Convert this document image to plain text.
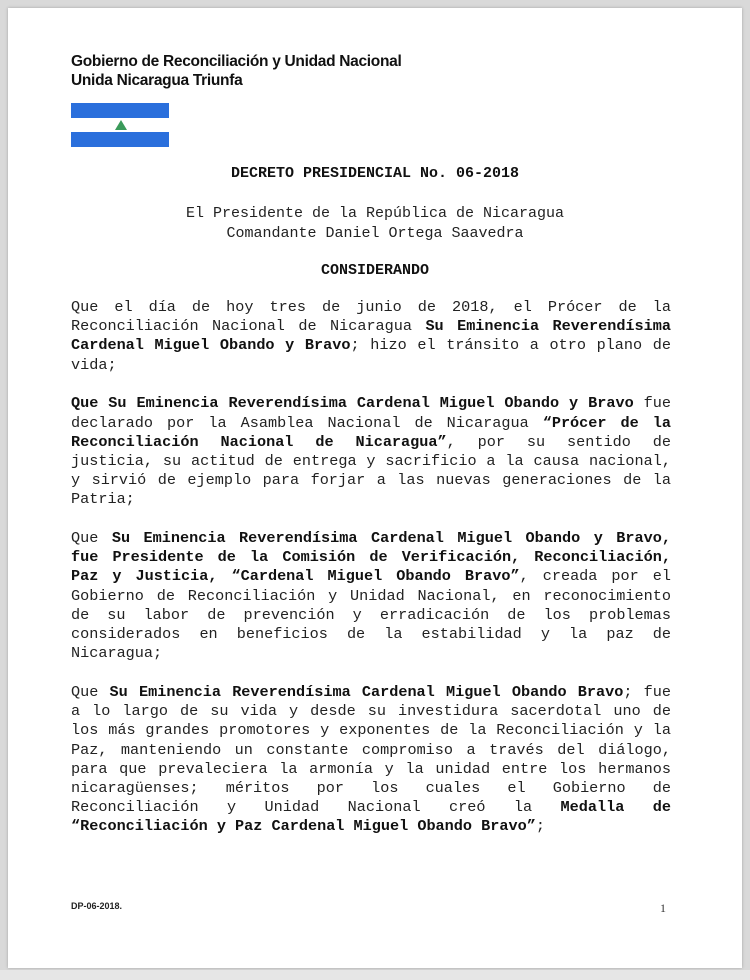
Gobierno de Reconciliación y Unidad Nacional
Unida Nicaragua Triunfa
DECRETO PRESIDENCIAL No. 06-2018
El Presidente de la República de Nicaragua
Comandante Daniel Ortega Saavedra
CONSIDERANDO

Que el día de hoy tres de junio de 2018, el Prócer de la Reconciliación Nacional de Nicaragua Su Eminencia Reverendísima Cardenal Miguel Obando y Bravo; hizo el tránsito a otro plano de vida;

Que Su Eminencia Reverendísima Cardenal Miguel Obando y Bravo fue declarado por la Asamblea Nacional de Nicaragua “Prócer de la Reconciliación Nacional de Nicaragua”, por su sentido de justicia, su actitud de entrega y sacrificio a la causa nacional, y sirvió de ejemplo para forjar a las nuevas generaciones de la Patria;

Que Su Eminencia Reverendísima Cardenal Miguel Obando y Bravo, fue Presidente de la Comisión de Verificación, Reconciliación, Paz y Justicia, “Cardenal Miguel Obando Bravo”, creada por el Gobierno de Reconciliación y Unidad Nacional, en reconocimiento de su labor de prevención y erradicación de los problemas considerados en beneficios de la estabilidad y la paz de Nicaragua;

Que Su Eminencia Reverendísima Cardenal Miguel Obando Bravo; fue a lo largo de su vida y desde su investidura sacerdotal uno de los más grandes promotores y exponentes de la Reconciliación y la Paz, manteniendo un constante compromiso a través del diálogo, para que prevaleciera la armonía y la unidad entre los hermanos nicaragüenses; méritos por los cuales el Gobierno de Reconciliación y Unidad Nacional creó la Medalla de “Reconciliación y Paz Cardenal Miguel Obando Bravo”;

DP-06-2018.	1
